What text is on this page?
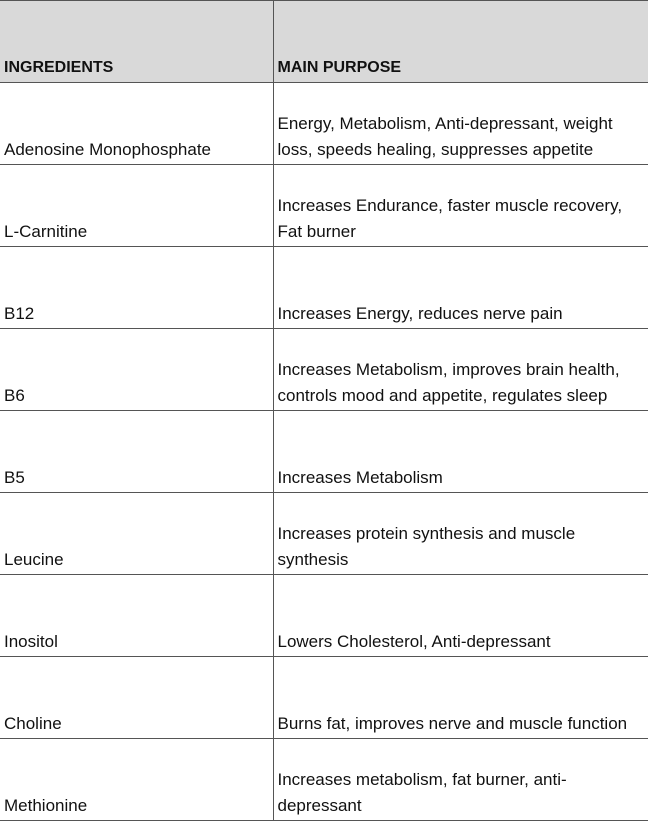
INGREDIENTS	MAIN PURPOSE
Adenosine Monophosphate	Energy, Metabolism, Anti-depressant, weight loss, speeds healing, suppresses appetite
L-Carnitine	Increases Endurance, faster muscle recovery, Fat burner
B12	Increases Energy, reduces nerve pain
B6	Increases Metabolism, improves brain health, controls mood and appetite, regulates sleep
B5	Increases Metabolism
Leucine	Increases protein synthesis and muscle synthesis
Inositol	Lowers Cholesterol, Anti-depressant
Choline	Burns fat, improves nerve and muscle function
Methionine	Increases metabolism, fat burner, anti-depressant
